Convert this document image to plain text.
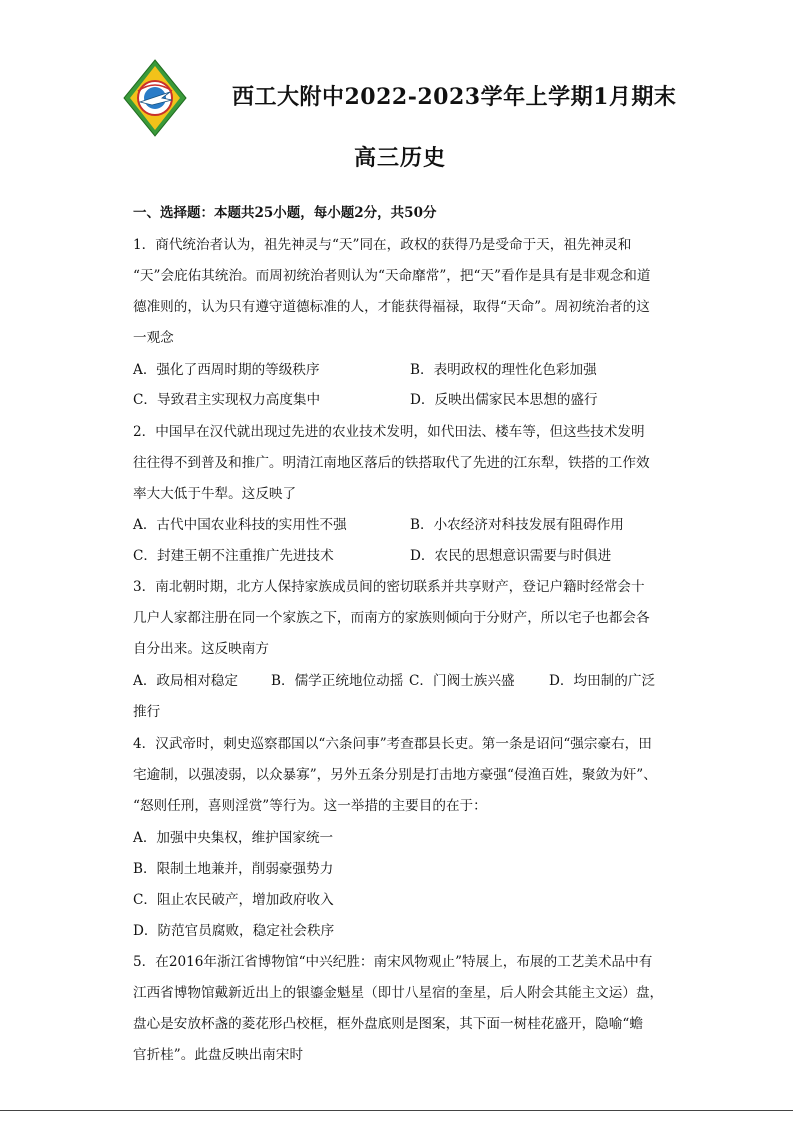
西工大附中2022-2023学年上学期1月期末
高三历史
一、选择题：本题共25小题，每小题2分，共50分
1．商代统治者认为，祖先神灵与“天”同在，政权的获得乃是受命于天，祖先神灵和
“天”会庇佑其统治。而周初统治者则认为“天命靡常”，把“天”看作是具有是非观念和道
德准则的，认为只有遵守道德标准的人，才能获得福禄，取得“天命”。周初统治者的这
一观念
A．强化了西周时期的等级秩序	B．表明政权的理性化色彩加强
C．导致君主实现权力高度集中	D．反映出儒家民本思想的盛行
2．中国早在汉代就出现过先进的农业技术发明，如代田法、楼车等，但这些技术发明
往往得不到普及和推广。明清江南地区落后的铁搭取代了先进的江东犁，铁搭的工作效
率大大低于牛犁。这反映了
A．古代中国农业科技的实用性不强	B．小农经济对科技发展有阻碍作用
C．封建王朝不注重推广先进技术	D．农民的思想意识需要与时俱进
3．南北朝时期，北方人保持家族成员间的密切联系并共享财产，登记户籍时经常会十
几户人家都注册在同一个家族之下，而南方的家族则倾向于分财产，所以宅子也都会各
自分出来。这反映南方
A．政局相对稳定 B．儒学正统地位动摇 C．门阀士族兴盛	D．均田制的广泛
推行
4．汉武帝时，刺史巡察郡国以“六条问事”考查郡县长吏。第一条是诏问“强宗豪右，田
宅逾制，以强凌弱，以众暴寡”，另外五条分别是打击地方豪强“侵渔百姓，聚敛为奸”、
“怒则任刑，喜则淫赏”等行为。这一举措的主要目的在于：
A．加强中央集权，维护国家统一
B．限制土地兼并，削弱豪强势力
C．阻止农民破产，增加政府收入
D．防范官员腐败，稳定社会秩序
5．在2016年浙江省博物馆“中兴纪胜：南宋风物观止”特展上，布展的工艺美术品中有
江西省博物馆戴新近出上的银鎏金魁星（即廿八星宿的奎星，后人附会其能主文运）盘，
盘心是安放杯盏的菱花形凸校框，框外盘底则是图案，其下面一树桂花盛开，隐喻“蟾
官折桂”。此盘反映出南宋时
